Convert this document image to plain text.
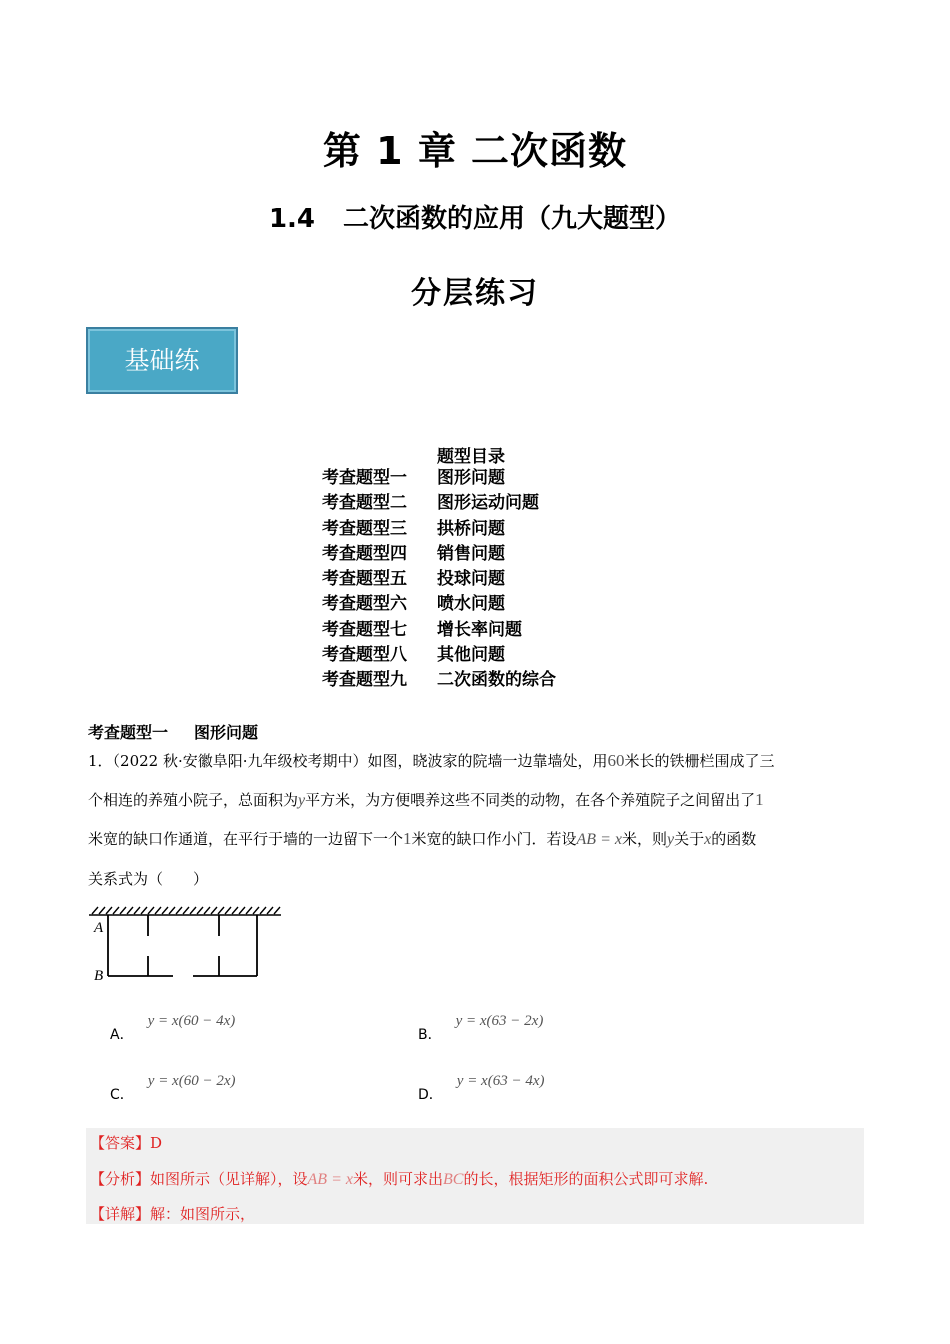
第 1 章 二次函数
1.4 二次函数的应用（九大题型）
分层练习
基础练
题型目录
考查题型一	图形问题
考查题型二	图形运动问题
考查题型三	拱桥问题
考查题型四	销售问题
考查题型五	投球问题
考查题型六	喷水问题
考查题型七	增长率问题
考查题型八	其他问题
考查题型九	二次函数的综合
考查题型一 图形问题
1．（2022 秋·安徽阜阳·九年级校考期中）如图，晓波家的院墙一边靠墙处，用60米长的铁栅栏围成了三
个相连的养殖小院子，总面积为y平方米，为方便喂养这些不同类的动物，在各个养殖院子之间留出了1
米宽的缺口作通道，在平行于墙的一边留下一个1米宽的缺口作小门．若设AB = x米，则y关于x的函数
关系式为（　　）
A
B
A．y = x(60 − 4x)
B．y = x(63 − 2x)
C．y = x(60 − 2x)
D．y = x(63 − 4x)
【答案】D
【分析】如图所示（见详解），设AB = x米，则可求出BC的长，根据矩形的面积公式即可求解.
【详解】解：如图所示，
